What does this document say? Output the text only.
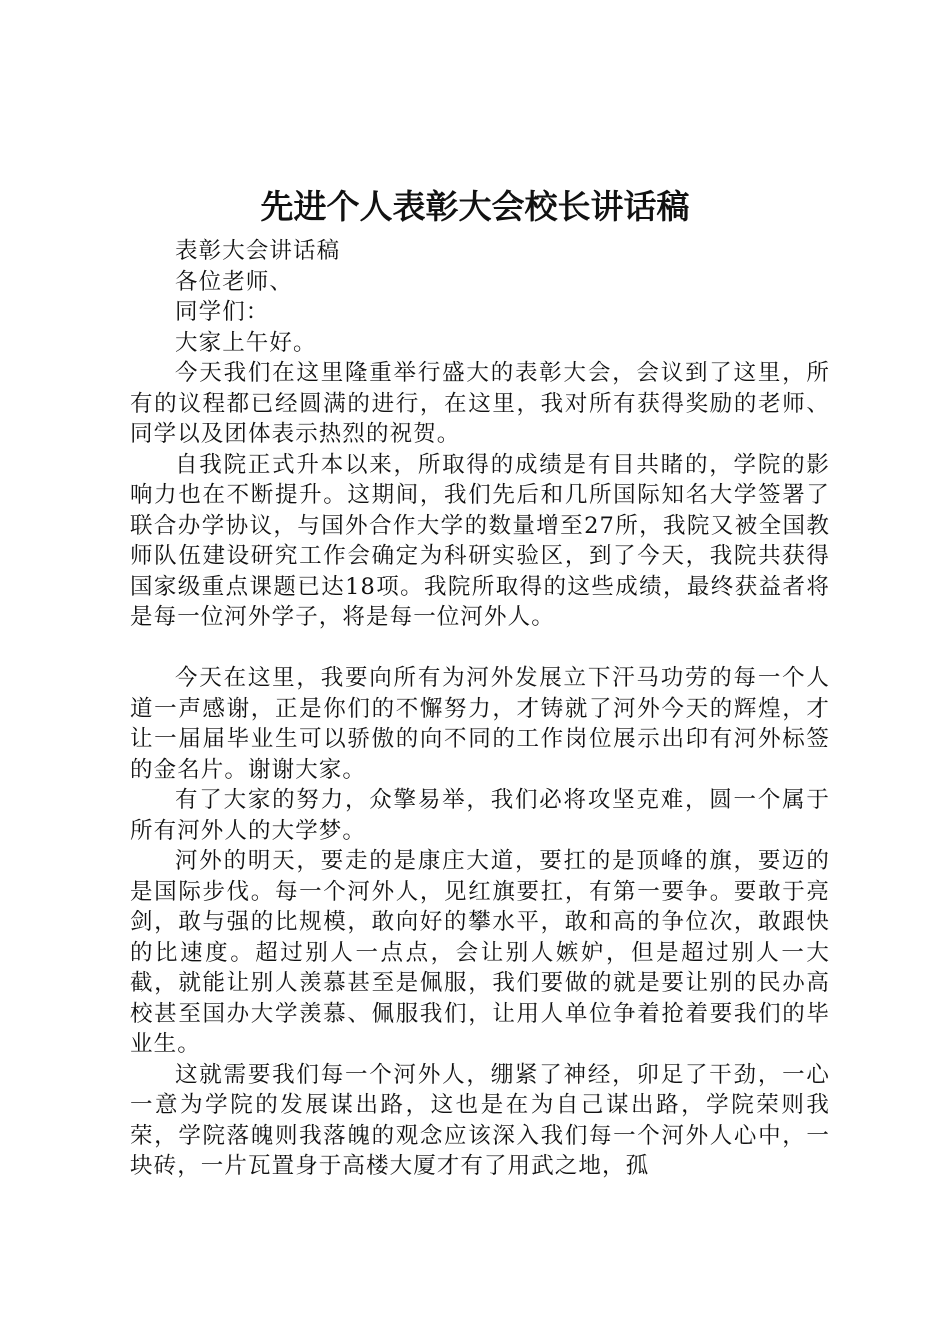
先进个人表彰大会校长讲话稿

表彰大会讲话稿

各位老师、

同学们：

大家上午好。

今天我们在这里隆重举行盛大的表彰大会，会议到了这里，所有的议程都已经圆满的进行，在这里，我对所有获得奖励的老师、同学以及团体表示热烈的祝贺。

自我院正式升本以来，所取得的成绩是有目共睹的，学院的影响力也在不断提升。这期间，我们先后和几所国际知名大学签署了联合办学协议，与国外合作大学的数量增至27所，我院又被全国教师队伍建设研究工作会确定为科研实验区，到了今天，我院共获得国家级重点课题已达18项。我院所取得的这些成绩，最终获益者将是每一位河外学子，将是每一位河外人。

今天在这里，我要向所有为河外发展立下汗马功劳的每一个人道一声感谢，正是你们的不懈努力，才铸就了河外今天的辉煌，才让一届届毕业生可以骄傲的向不同的工作岗位展示出印有河外标签的金名片。谢谢大家。

有了大家的努力，众擎易举，我们必将攻坚克难，圆一个属于所有河外人的大学梦。

河外的明天，要走的是康庄大道，要扛的是顶峰的旗，要迈的是国际步伐。每一个河外人，见红旗要扛，有第一要争。要敢于亮剑，敢与强的比规模，敢向好的攀水平，敢和高的争位次，敢跟快的比速度。超过别人一点点，会让别人嫉妒，但是超过别人一大截，就能让别人羡慕甚至是佩服，我们要做的就是要让别的民办高校甚至国办大学羡慕、佩服我们，让用人单位争着抢着要我们的毕业生。

这就需要我们每一个河外人，绷紧了神经，卯足了干劲，一心一意为学院的发展谋出路，这也是在为自己谋出路，学院荣则我荣，学院落魄则我落魄的观念应该深入我们每一个河外人心中，一块砖，一片瓦置身于高楼大厦才有了用武之地，孤
